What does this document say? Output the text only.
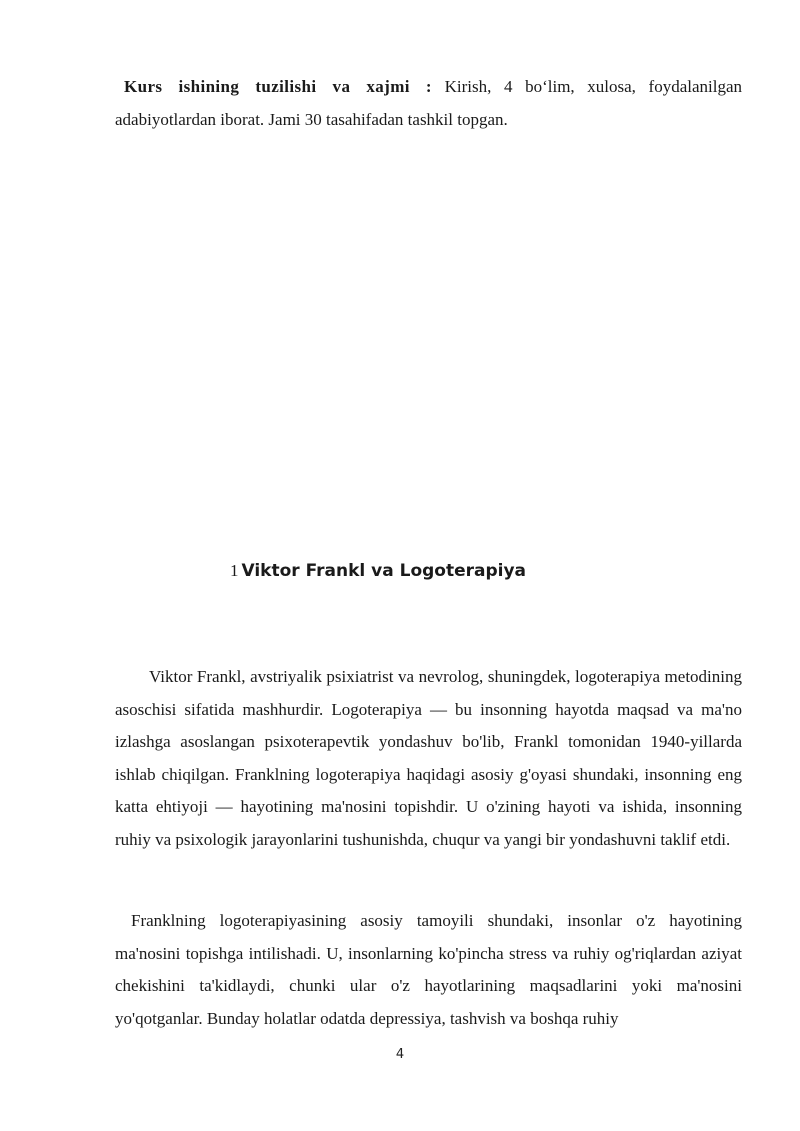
Kurs ishining tuzilishi va xajmi : Kirish, 4 bo‘lim, xulosa, foydalanilgan adabiyotlardan iborat. Jami 30 tasahifadan tashkil topgan.

1 Viktor Frankl va Logoterapiya

Viktor Frankl, avstriyalik psixiatrist va nevrolog, shuningdek, logoterapiya metodining asoschisi sifatida mashhurdir. Logoterapiya — bu insonning hayotda maqsad va ma'no izlashga asoslangan psixoterapevtik yondashuv bo'lib, Frankl tomonidan 1940-yillarda ishlab chiqilgan. Franklning logoterapiya haqidagi asosiy g'oyasi shundaki, insonning eng katta ehtiyoji — hayotining ma'nosini topishdir. U o'zining hayoti va ishida, insonning ruhiy va psixologik jarayonlarini tushunishda, chuqur va yangi bir yondashuvni taklif etdi.

Franklning logoterapiyasining asosiy tamoyili shundaki, insonlar o'z hayotining ma'nosini topishga intilishadi. U, insonlarning ko'pincha stress va ruhiy og'riqlardan aziyat chekishini ta'kidlaydi, chunki ular o'z hayotlarining maqsadlarini yoki ma'nosini yo'qotganlar. Bunday holatlar odatda depressiya, tashvish va boshqa ruhiy

4
